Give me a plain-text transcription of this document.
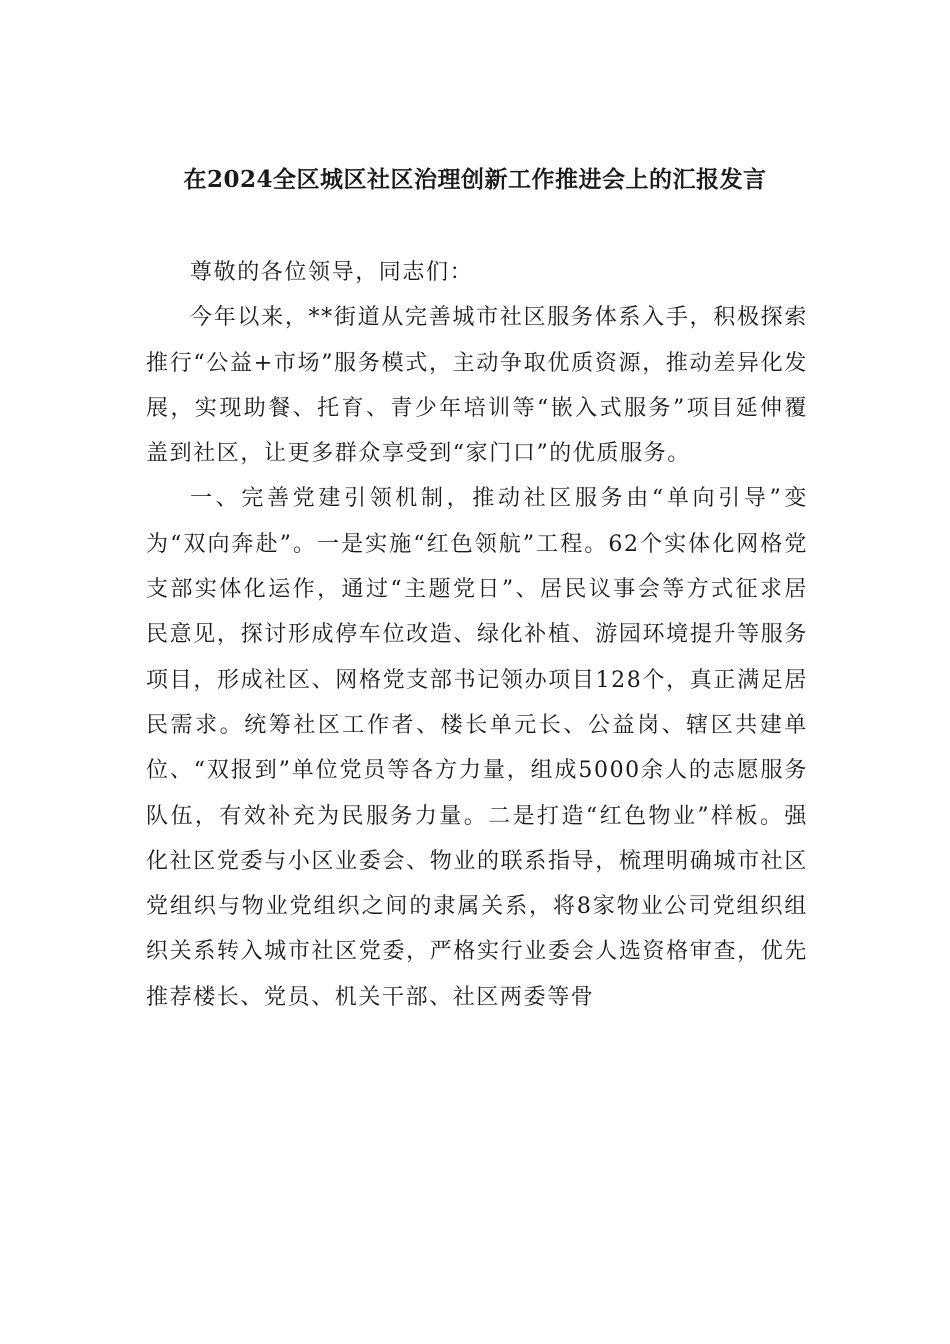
在2024全区城区社区治理创新工作推进会上的汇报发言

尊敬的各位领导，同志们：

今年以来，**街道从完善城市社区服务体系入手，积极探索推行“公益+市场”服务模式，主动争取优质资源，推动差异化发展，实现助餐、托育、青少年培训等“嵌入式服务”项目延伸覆盖到社区，让更多群众享受到“家门口”的优质服务。

一、完善党建引领机制，推动社区服务由“单向引导”变为“双向奔赴”。一是实施“红色领航”工程。62个实体化网格党支部实体化运作，通过“主题党日”、居民议事会等方式征求居民意见，探讨形成停车位改造、绿化补植、游园环境提升等服务项目，形成社区、网格党支部书记领办项目128个，真正满足居民需求。统筹社区工作者、楼长单元长、公益岗、辖区共建单位、“双报到”单位党员等各方力量，组成5000余人的志愿服务队伍，有效补充为民服务力量。二是打造“红色物业”样板。强化社区党委与小区业委会、物业的联系指导，梳理明确城市社区党组织与物业党组织之间的隶属关系，将8家物业公司党组织组织关系转入城市社区党委，严格实行业委会人选资格审查，优先推荐楼长、党员、机关干部、社区两委等骨
